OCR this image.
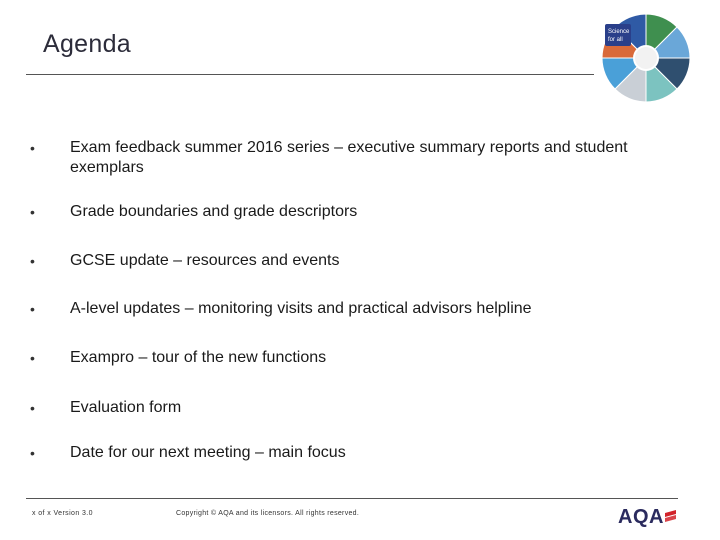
Agenda	Science
for all
• Exam feedback summer 2016 series – executive summary reports and student exemplars
• Grade boundaries and grade descriptors
• GCSE update – resources and events
• A-level updates – monitoring visits and practical advisors helpline
• Exampro – tour of the new functions
• Evaluation form
• Date for our next meeting – main focus
x of x Version 3.0	Copyright © AQA and its licensors. All rights reserved.	AQA
